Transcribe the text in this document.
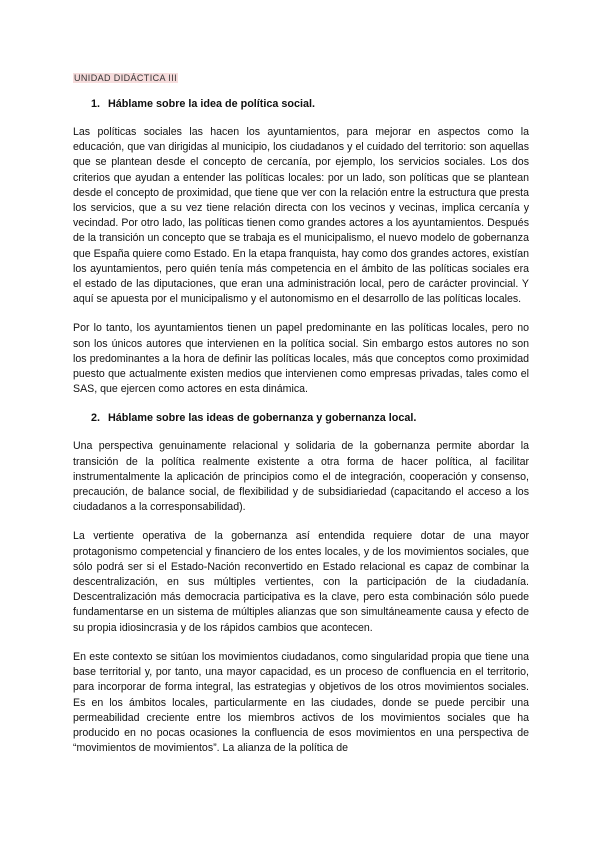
UNIDAD DIDÁCTICA III
1. Háblame sobre la idea de política social.

Las políticas sociales las hacen los ayuntamientos, para mejorar en aspectos como la educación, que van dirigidas al municipio, los ciudadanos y el cuidado del territorio: son aquellas que se plantean desde el concepto de cercanía, por ejemplo, los servicios sociales. Los dos criterios que ayudan a entender las políticas locales: por un lado, son políticas que se plantean desde el concepto de proximidad, que tiene que ver con la relación entre la estructura que presta los servicios, que a su vez tiene relación directa con los vecinos y vecinas, implica cercanía y vecindad. Por otro lado, las políticas tienen como grandes actores a los ayuntamientos. Después de la transición un concepto que se trabaja es el municipalismo, el nuevo modelo de gobernanza que España quiere como Estado. En la etapa franquista, hay como dos grandes actores, existían los ayuntamientos, pero quién tenía más competencia en el ámbito de las políticas sociales era el estado de las diputaciones, que eran una administración local, pero de carácter provincial. Y aquí se apuesta por el municipalismo y el autonomismo en el desarrollo de las políticas locales.

Por lo tanto, los ayuntamientos tienen un papel predominante en las políticas locales, pero no son los únicos autores que intervienen en la política social. Sin embargo estos autores no son los predominantes a la hora de definir las políticas locales, más que conceptos como proximidad puesto que actualmente existen medios que intervienen como empresas privadas, tales como el SAS, que ejercen como actores en esta dinámica.

2. Háblame sobre las ideas de gobernanza y gobernanza local.

Una perspectiva genuinamente relacional y solidaria de la gobernanza permite abordar la transición de la política realmente existente a otra forma de hacer política, al facilitar instrumentalmente la aplicación de principios como el de integración, cooperación y consenso, precaución, de balance social, de flexibilidad y de subsidiariedad (capacitando el acceso a los ciudadanos a la corresponsabilidad).

La vertiente operativa de la gobernanza así entendida requiere dotar de una mayor protagonismo competencial y financiero de los entes locales, y de los movimientos sociales, que sólo podrá ser si el Estado-Nación reconvertido en Estado relacional es capaz de combinar la descentralización, en sus múltiples vertientes, con la participación de la ciudadanía. Descentralización más democracia participativa es la clave, pero esta combinación sólo puede fundamentarse en un sistema de múltiples alianzas que son simultáneamente causa y efecto de su propia idiosincrasia y de los rápidos cambios que acontecen.

En este contexto se sitúan los movimientos ciudadanos, como singularidad propia que tiene una base territorial y, por tanto, una mayor capacidad, es un proceso de confluencia en el territorio, para incorporar de forma integral, las estrategias y objetivos de los otros movimientos sociales. Es en los ámbitos locales, particularmente en las ciudades, donde se puede percibir una permeabilidad creciente entre los miembros activos de los movimientos sociales que ha producido en no pocas ocasiones la confluencia de esos movimientos en una perspectiva de “movimientos de movimientos”. La alianza de la política de
